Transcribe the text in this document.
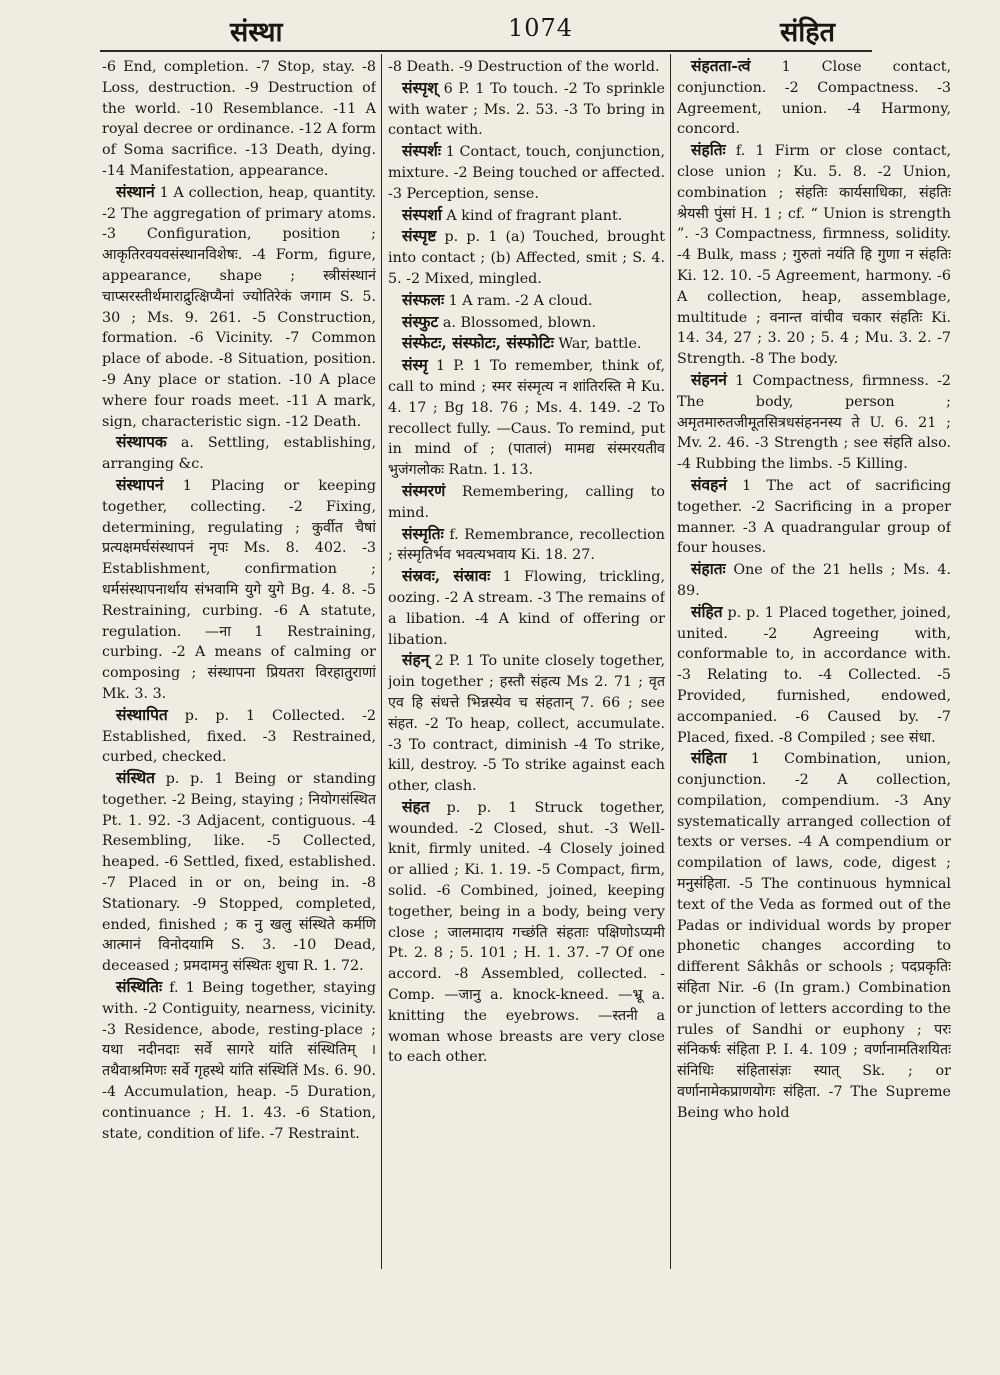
संस्था	1074	संहित

-6 End, completion. -7 Stop, stay. -8 Loss, destruction. -9 Destruction of the world. -10 Resemblance. -11 A royal decree or ordinance. -12 A form of Soma sacrifice. -13 Death, dying. -14 Manifestation, appearance.

संस्थानं 1 A collection, heap, quantity. -2 The aggregation of primary atoms. -3 Configuration, position ; आकृतिरवयवसंस्थानविशेषः. -4 Form, figure, appearance, shape ; स्त्रीसंस्थानं चाप्सरस्तीर्थमाराद्रुत्क्षिप्यैनां ज्योतिरेकं जगाम S. 5. 30 ; Ms. 9. 261. -5 Construction, formation. -6 Vicinity. -7 Common place of abode. -8 Situation, position. -9 Any place or station. -10 A place where four roads meet. -11 A mark, sign, characteristic sign. -12 Death.

संस्थापक a. Settling, establishing, arranging &c.

संस्थापनं 1 Placing or keeping together, collecting. -2 Fixing, determining, regulating ; कुर्वीत चैषां प्रत्यक्षमर्घसंस्थापनं नृपः Ms. 8. 402. -3 Establishment, confirmation ; धर्मसंस्थापनार्थाय संभवामि युगे युगे Bg. 4. 8. -5 Restraining, curbing. -6 A statute, regulation. —ना 1 Restraining, curbing. -2 A means of calming or composing ; संस्थापना प्रियतरा विरहातुराणां Mk. 3. 3.

संस्थापित p. p. 1 Collected. -2 Established, fixed. -3 Restrained, curbed, checked.

संस्थित p. p. 1 Being or standing together. -2 Being, staying ; नियोगसंस्थित Pt. 1. 92. -3 Adjacent, contiguous. -4 Resembling, like. -5 Collected, heaped. -6 Settled, fixed, established. -7 Placed in or on, being in. -8 Stationary. -9 Stopped, completed, ended, finished ; क नु खलु संस्थिते कर्मणि आत्मानं विनोदयामि S. 3. -10 Dead, deceased ; प्रमदामनु संस्थितः शुचा R. 1. 72.

संस्थितिः f. 1 Being together, staying with. -2 Contiguity, nearness, vicinity. -3 Residence, abode, resting-place ; यथा नदीनदाः सर्वे सागरे यांति संस्थितिम् । तथैवाश्रमिणः सर्वे गृहस्थे यांति संस्थितिं Ms. 6. 90. -4 Accumulation, heap. -5 Duration, continuance ; H. 1. 43. -6 Station, state, condition of life. -7 Restraint.

-8 Death. -9 Destruction of the world.

संस्पृश् 6 P. 1 To touch. -2 To sprinkle with water ; Ms. 2. 53. -3 To bring in contact with.

संस्पर्शः 1 Contact, touch, conjunction, mixture. -2 Being touched or affected. -3 Perception, sense.

संस्पर्शा A kind of fragrant plant.

संस्पृष्ट p. p. 1 (a) Touched, brought into contact ; (b) Affected, smit ; S. 4. 5. -2 Mixed, mingled.

संस्फलः 1 A ram. -2 A cloud.

संस्फुट a. Blossomed, blown.

संस्फेटः, संस्फोटः, संस्फोटिः War, battle.

संस्मृ 1 P. 1 To remember, think of, call to mind ; स्मर संस्मृत्य न शांतिरस्ति मे Ku. 4. 17 ; Bg 18. 76 ; Ms. 4. 149. -2 To recollect fully. —Caus. To remind, put in mind of ; (पातालं) मामद्य संस्मरयतीव भुजंगलोकः Ratn. 1. 13.

संस्मरणं Remembering, calling to mind.

संस्मृतिः f. Remembrance, recollection ; संस्मृतिर्भव भवत्यभवाय Ki. 18. 27.

संस्रवः, संस्रावः 1 Flowing, trickling, oozing. -2 A stream. -3 The remains of a libation. -4 A kind of offering or libation.

संहन् 2 P. 1 To unite closely together, join together ; हस्तौ संहत्य Ms 2. 71 ; वृत एव हि संधत्ते भिन्नस्येव च संहतान् 7. 66 ; see संहत. -2 To heap, collect, accumulate. -3 To contract, diminish -4 To strike, kill, destroy. -5 To strike against each other, clash.

संहत p. p. 1 Struck together, wounded. -2 Closed, shut. -3 Well-knit, firmly united. -4 Closely joined or allied ; Ki. 1. 19. -5 Compact, firm, solid. -6 Combined, joined, keeping together, being in a body, being very close ; जालमादाय गच्छंति संहताः पक्षिणोऽप्यमी Pt. 2. 8 ; 5. 101 ; H. 1. 37. -7 Of one accord. -8 Assembled, collected. -Comp. —जानु a. knock-kneed. —भ्रू a. knitting the eyebrows. —स्तनी a woman whose breasts are very close to each other.

संहतता-त्वं 1 Close contact, conjunction. -2 Compactness. -3 Agreement, union. -4 Harmony, concord.

संहतिः f. 1 Firm or close contact, close union ; Ku. 5. 8. -2 Union, combination ; संहतिः कार्यसाधिका, संहतिः श्रेयसी पुंसां H. 1 ; cf. “ Union is strength ”. -3 Compactness, firmness, solidity. -4 Bulk, mass ; गुरुतां नयंति हि गुणा न संहतिः Ki. 12. 10. -5 Agreement, harmony. -6 A collection, heap, assemblage, multitude ; वनान्त वांचीव चकार संहतिः Ki. 14. 34, 27 ; 3. 20 ; 5. 4 ; Mu. 3. 2. -7 Strength. -8 The body.

संहननं 1 Compactness, firmness. -2 The body, person ; अमृतमारुतजीमूतसित्रधसंहननस्य ते U. 6. 21 ; Mv. 2. 46. -3 Strength ; see संहति also. -4 Rubbing the limbs. -5 Killing.

संवहनं 1 The act of sacrificing together. -2 Sacrificing in a proper manner. -3 A quadrangular group of four houses.

संहातः One of the 21 hells ; Ms. 4. 89.

संहित p. p. 1 Placed together, joined, united. -2 Agreeing with, conformable to, in accordance with. -3 Relating to. -4 Collected. -5 Provided, furnished, endowed, accompanied. -6 Caused by. -7 Placed, fixed. -8 Compiled ; see संधा.

संहिता 1 Combination, union, conjunction. -2 A collection, compilation, compendium. -3 Any systematically arranged collection of texts or verses. -4 A compendium or compilation of laws, code, digest ; मनुसंहिता. -5 The continuous hymnical text of the Veda as formed out of the Padas or individual words by proper phonetic changes according to different Sâkhâs or schools ; पदप्रकृतिः संहिता Nir. -6 (In gram.) Combination or junction of letters according to the rules of Sandhi or euphony ; परः संनिकर्षः संहिता P. I. 4. 109 ; वर्णानामतिशयितः संनिधिः संहितासंज्ञः स्यात् Sk. ; or वर्णानामेकप्राणयोगः संहिता. -7 The Supreme Being who hold
